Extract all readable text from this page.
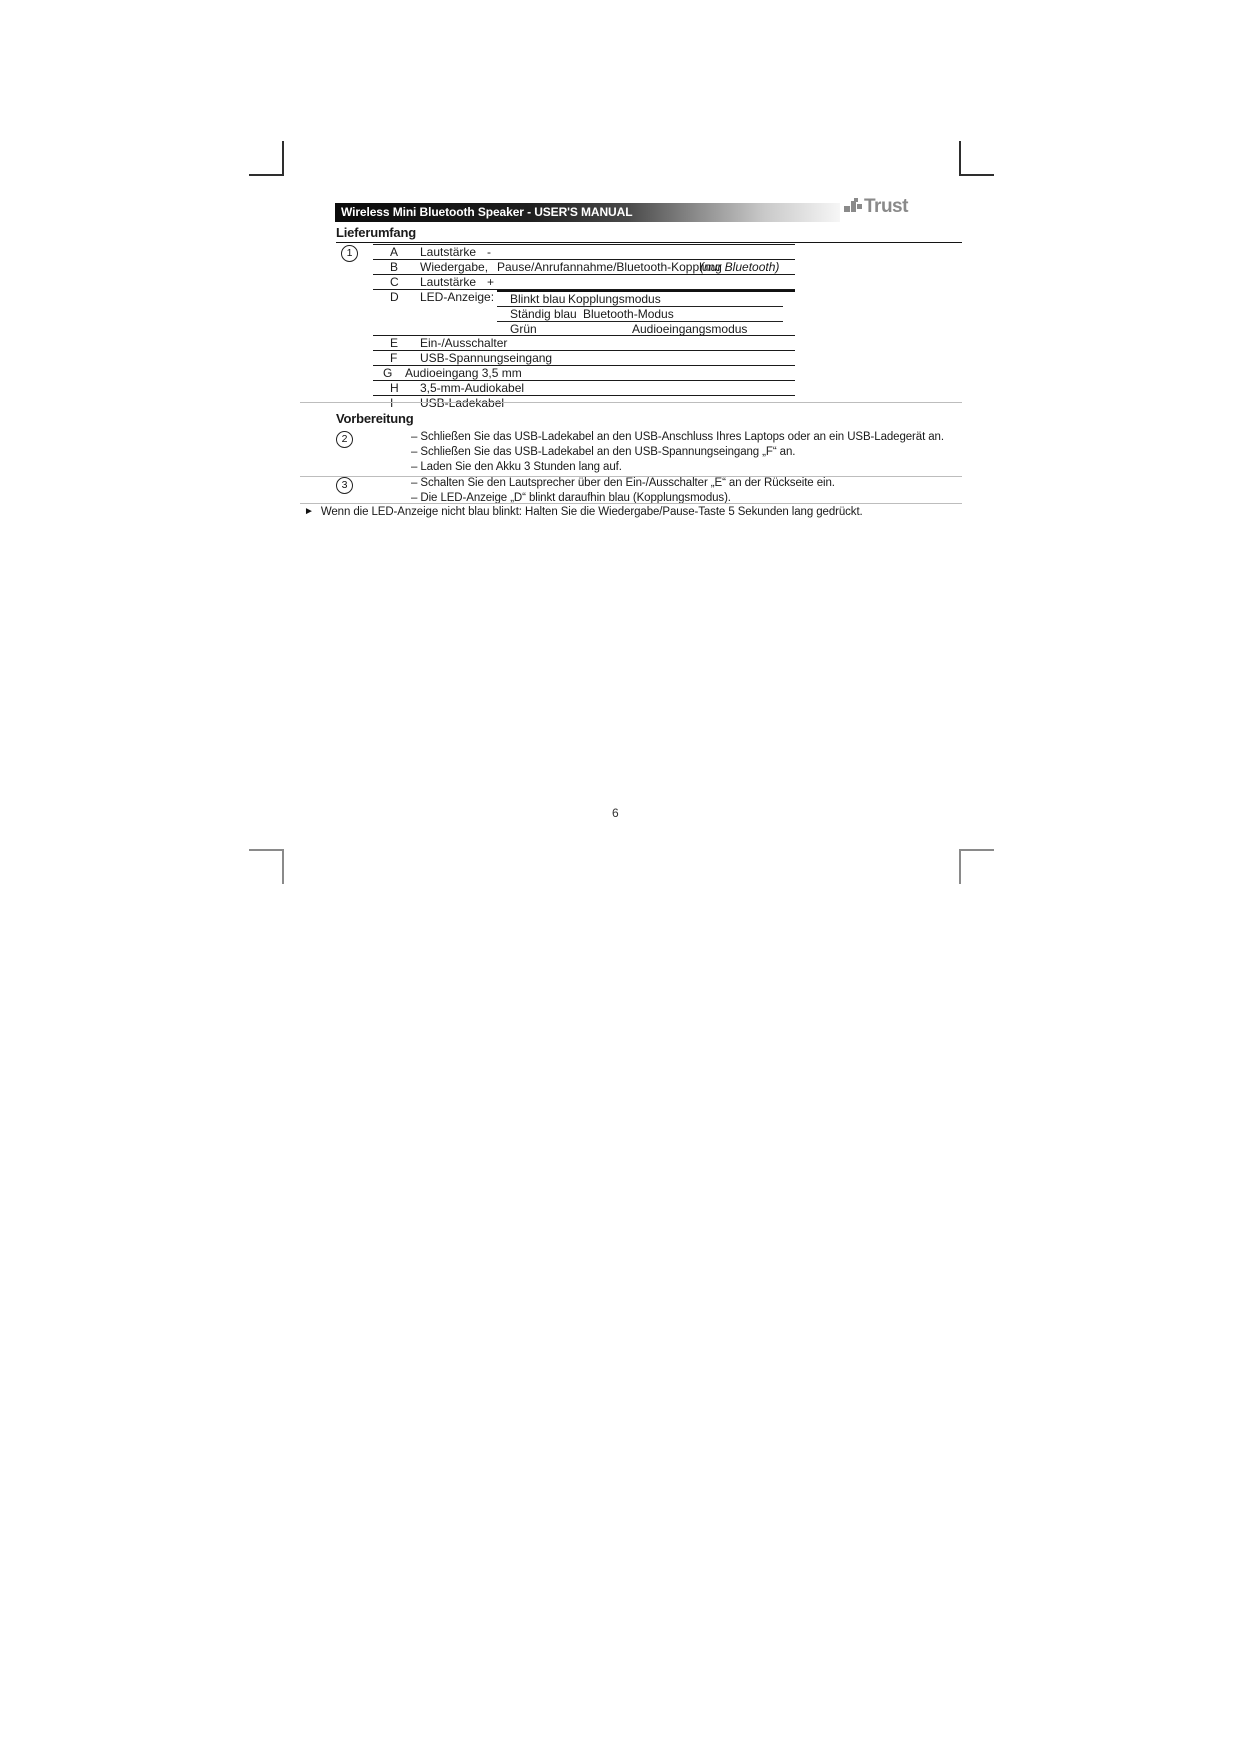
Wireless Mini Bluetooth Speaker - USER'S MANUAL	Trust
Lieferumfang
1	A Lautstärke -
B Wiedergabe, Pause/Anrufannahme/Bluetooth-Kopplung
(nur Bluetooth)
C Lautstärke +
D LED-Anzeige:	Blinkt blau Kopplungsmodus
Ständig blau Bluetooth-Modus
Grün	Audioeingangsmodus
E Ein-/Ausschalter
F USB-Spannungseingang
G Audioeingang 3,5 mm
H 3,5-mm-Audiokabel
I USB-Ladekabel
Vorbereitung
2	– Schließen Sie das USB-Ladekabel an den USB-Anschluss Ihres Laptops oder an ein USB-Ladegerät an.
– Schließen Sie das USB-Ladekabel an den USB-Spannungseingang „F“ an.
– Laden Sie den Akku 3 Stunden lang auf.
3	– Schalten Sie den Lautsprecher über den Ein-/Ausschalter „E“ an der Rückseite ein.
– Die LED-Anzeige „D“ blinkt daraufhin blau (Kopplungsmodus).
► Wenn die LED-Anzeige nicht blau blinkt: Halten Sie die Wiedergabe/Pause-Taste 5 Sekunden lang gedrückt.
6
